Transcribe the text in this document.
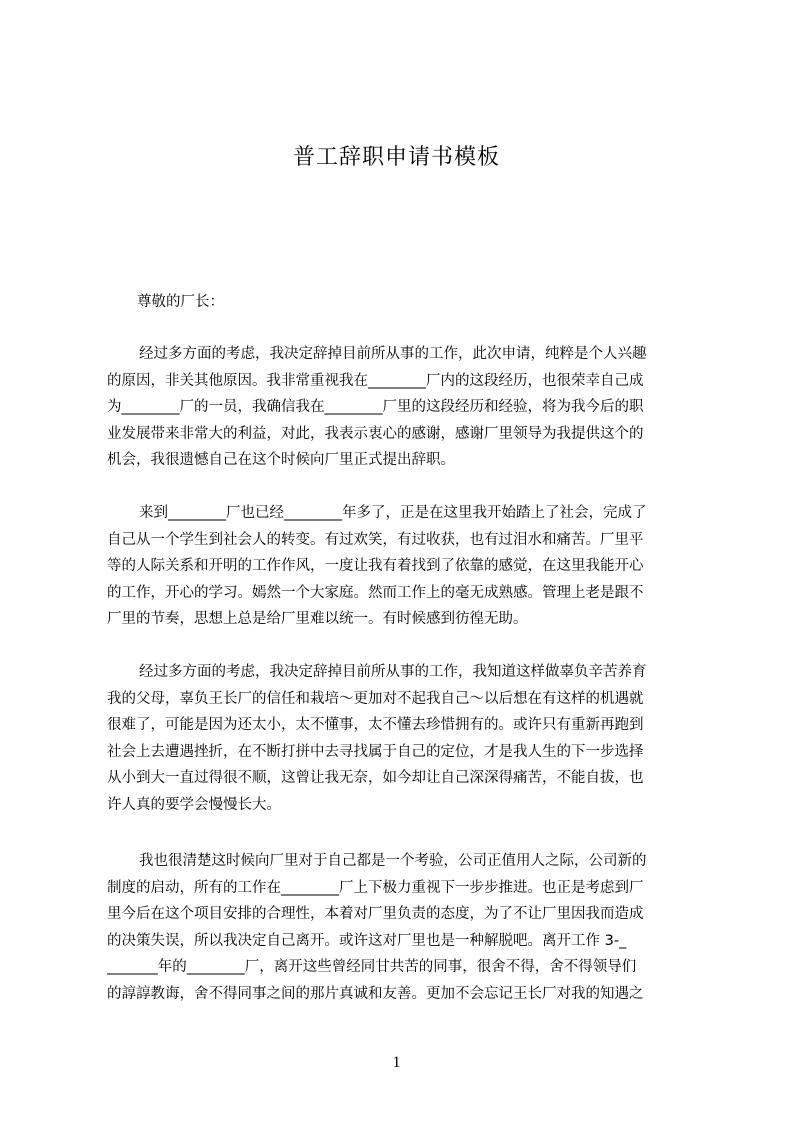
普工辞职申请书模板
尊敬的厂长：
经过多方面的考虑，我决定辞掉目前所从事的工作，此次申请，纯粹是个人兴趣
的原因，非关其他原因。我非常重视我在________厂内的这段经历，也很荣幸自己成
为________厂的一员，我确信我在________厂里的这段经历和经验，将为我今后的职
业发展带来非常大的利益，对此，我表示衷心的感谢，感谢厂里领导为我提供这个的
机会，我很遗憾自己在这个时候向厂里正式提出辞职。
来到________厂也已经________年多了，正是在这里我开始踏上了社会，完成了
自己从一个学生到社会人的转变。有过欢笑，有过收获，也有过泪水和痛苦。厂里平
等的人际关系和开明的工作作风，一度让我有着找到了依靠的感觉，在这里我能开心
的工作，开心的学习。嫣然一个大家庭。然而工作上的毫无成熟感。管理上老是跟不
厂里的节奏，思想上总是给厂里难以统一。有时候感到彷徨无助。
经过多方面的考虑，我决定辞掉目前所从事的工作，我知道这样做辜负辛苦养育
我的父母，辜负王长厂的信任和栽培～更加对不起我自己～以后想在有这样的机遇就
很难了，可能是因为还太小，太不懂事，太不懂去珍惜拥有的。或许只有重新再跑到
社会上去遭遇挫折，在不断打拼中去寻找属于自己的定位，才是我人生的下一步选择
从小到大一直过得很不顺，这曾让我无奈，如今却让自己深深得痛苦，不能自拔，也
许人真的要学会慢慢长大。
我也很清楚这时候向厂里对于自己都是一个考验，公司正值用人之际，公司新的
制度的启动，所有的工作在________厂上下极力重视下一步步推进。也正是考虑到厂
里今后在这个项目安排的合理性，本着对厂里负责的态度，为了不让厂里因我而造成
的决策失误，所以我决定自己离开。或许这对厂里也是一种解脱吧。离开工作 3-_
_______年的________厂，离开这些曾经同甘共苦的同事，很舍不得，舍不得领导们
的諄諄教诲，舍不得同事之间的那片真诚和友善。更加不会忘记王长厂对我的知遇之
1
